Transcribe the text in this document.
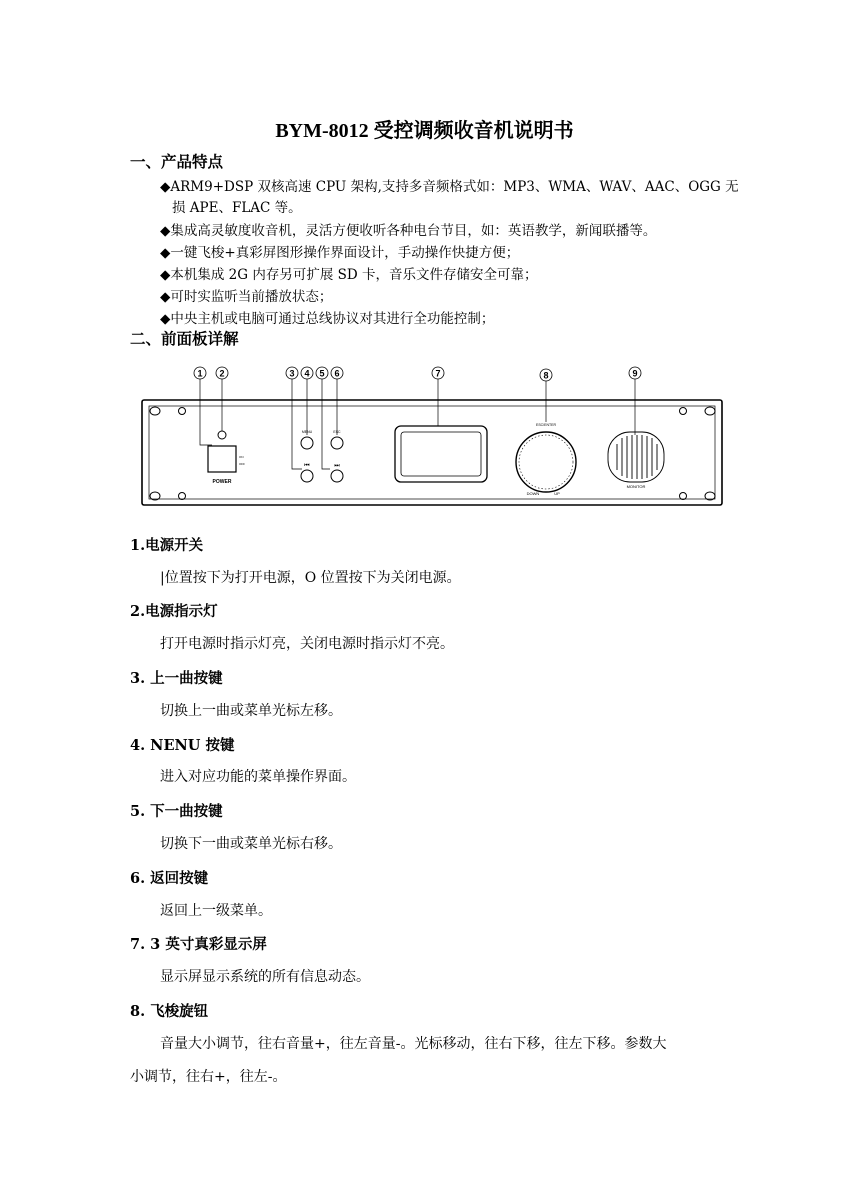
BYM-8012 受控调频收音机说明书
一、产品特点
◆ARM9+DSP 双核高速 CPU 架构,支持多音频格式如：MP3、WMA、WAV、AAC、OGG 无
损 APE、FLAC 等。
◆集成高灵敏度收音机，灵活方便收听各种电台节目，如：英语教学，新闻联播等。
◆一键飞梭+真彩屏图形操作界面设计，手动操作快捷方便；
◆本机集成 2G 内存另可扩展 SD 卡，音乐文件存储安全可靠；
◆可时实监听当前播放状态；
◆中央主机或电脑可通过总线协议对其进行全功能控制；
二、前面板详解
1 2	3 4 5 6	7	8	9
POWER
ON
OFF
MENU	ESC
⏮	⏭
ESC/ENTER
DOWN	UP
MONITOR
1.电源开关
|位置按下为打开电源，O 位置按下为关闭电源。
2.电源指示灯
打开电源时指示灯亮，关闭电源时指示灯不亮。
3. 上一曲按键
切换上一曲或菜单光标左移。
4. NENU 按键
进入对应功能的菜单操作界面。
5. 下一曲按键
切换下一曲或菜单光标右移。
6. 返回按键
返回上一级菜单。
7. 3 英寸真彩显示屏
显示屏显示系统的所有信息动态。
8. 飞梭旋钮
音量大小调节，往右音量+，往左音量-。光标移动，往右下移，往左下移。参数大
小调节，往右+，往左-。
